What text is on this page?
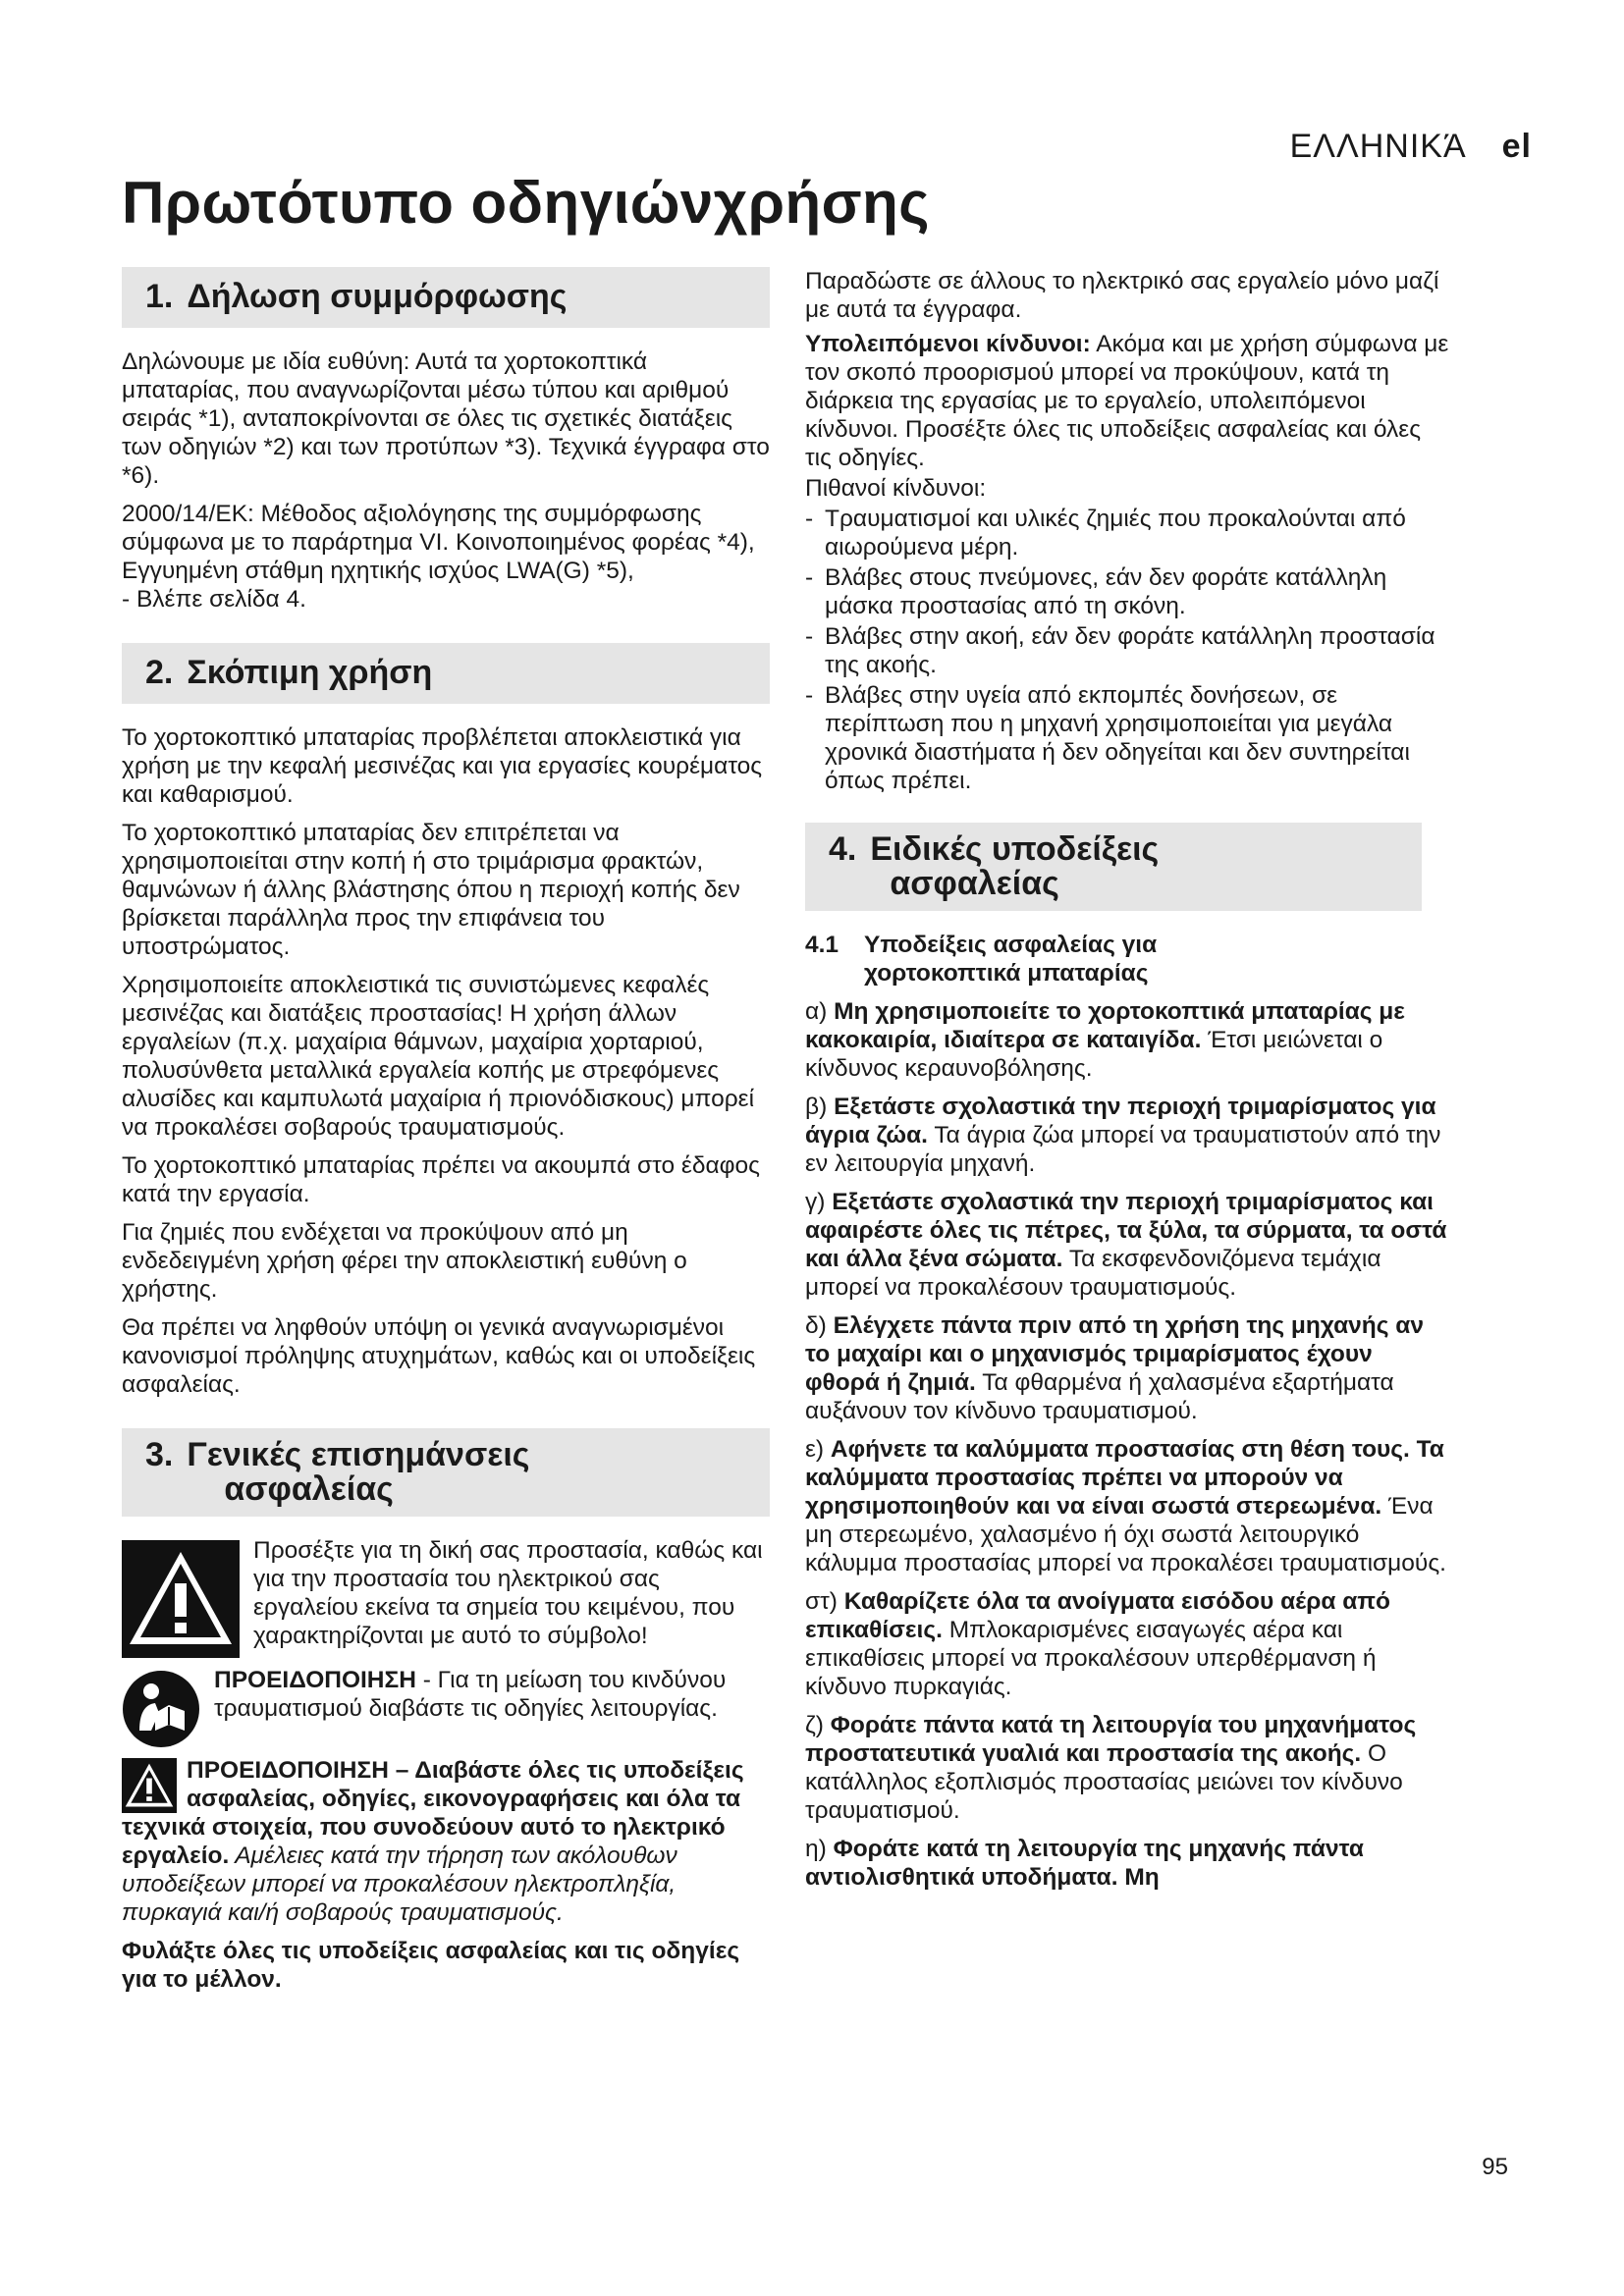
ΕΛΛΗΝΙΚΆ el
Πρωτότυπο οδηγιώνχρήσης
1. Δήλωση συμμόρφωσης

Δηλώνουμε με ιδία ευθύνη: Αυτά τα χορτοκοπτικά μπαταρίας, που αναγνωρίζονται μέσω τύπου και αριθμού σειράς *1), ανταποκρίνονται σε όλες τις σχετικές διατάξεις των οδηγιών *2) και των προτύπων *3). Τεχνικά έγγραφα στο *6).

2000/14/ΕΚ: Μέθοδος αξιολόγησης της συμμόρφωσης σύμφωνα με το παράρτημα VI. Κοινοποιημένος φορέας *4), Εγγυημένη στάθμη ηχητικής ισχύος LWA(G) *5),

- Βλέπε σελίδα 4.

2. Σκόπιμη χρήση

Το χορτοκοπτικό μπαταρίας προβλέπεται αποκλειστικά για χρήση με την κεφαλή μεσινέζας και για εργασίες κουρέματος και καθαρισμού.

Το χορτοκοπτικό μπαταρίας δεν επιτρέπεται να χρησιμοποιείται στην κοπή ή στο τριμάρισμα φρακτών, θαμνώνων ή άλλης βλάστησης όπου η περιοχή κοπής δεν βρίσκεται παράλληλα προς την επιφάνεια του υποστρώματος.

Χρησιμοποιείτε αποκλειστικά τις συνιστώμενες κεφαλές μεσινέζας και διατάξεις προστασίας! Η χρήση άλλων εργαλείων (π.χ. μαχαίρια θάμνων, μαχαίρια χορταριού, πολυσύνθετα μεταλλικά εργαλεία κοπής με στρεφόμενες αλυσίδες και καμπυλωτά μαχαίρια ή πριονόδισκους) μπορεί να προκαλέσει σοβαρούς τραυματισμούς.

Το χορτοκοπτικό μπαταρίας πρέπει να ακουμπά στο έδαφος κατά την εργασία.

Για ζημιές που ενδέχεται να προκύψουν από μη ενδεδειγμένη χρήση φέρει την αποκλειστική ευθύνη ο χρήστης.

Θα πρέπει να ληφθούν υπόψη οι γενικά αναγνωρισμένοι κανονισμοί πρόληψης ατυχημάτων, καθώς και οι υποδείξεις ασφαλείας.

3. Γενικές επισημάνσεις
ασφαλείας

Προσέξτε για τη δική σας προστασία, καθώς και για την προστασία του ηλεκτρικού σας εργαλείου εκείνα τα σημεία του κειμένου, που χαρακτηρίζονται με αυτό το σύμβολο!

ΠΡΟΕΙΔΟΠΟΙΗΣΗ - Για τη μείωση του κινδύνου τραυματισμού διαβάστε τις οδηγίες λειτουργίας.

ΠΡΟΕΙΔΟΠΟΙΗΣΗ – Διαβάστε όλες τις υποδείξεις ασφαλείας, οδηγίες, εικονογραφήσεις και όλα τα τεχνικά στοιχεία, που συνοδεύουν αυτό το ηλεκτρικό εργαλείο. Αμέλειες κατά την τήρηση των ακόλουθων υποδείξεων μπορεί να προκαλέσουν ηλεκτροπληξία, πυρκαγιά και/ή σοβαρούς τραυματισμούς.

Φυλάξτε όλες τις υποδείξεις ασφαλείας και τις οδηγίες για το μέλλον.

Παραδώστε σε άλλους το ηλεκτρικό σας εργαλείο μόνο μαζί με αυτά τα έγγραφα.

Υπολειπόμενοι κίνδυνοι: Ακόμα και με χρήση σύμφωνα με τον σκοπό προορισμού μπορεί να προκύψουν, κατά τη διάρκεια της εργασίας με το εργαλείο, υπολειπόμενοι κίνδυνοι. Προσέξτε όλες τις υποδείξεις ασφαλείας και όλες τις οδηγίες.

Πιθανοί κίνδυνοι:

- Τραυματισμοί και υλικές ζημιές που προκαλούνται από αιωρούμενα μέρη.
- Βλάβες στους πνεύμονες, εάν δεν φοράτε κατάλληλη μάσκα προστασίας από τη σκόνη.
- Βλάβες στην ακοή, εάν δεν φοράτε κατάλληλη προστασία της ακοής.
- Βλάβες στην υγεία από εκπομπές δονήσεων, σε περίπτωση που η μηχανή χρησιμοποιείται για μεγάλα χρονικά διαστήματα ή δεν οδηγείται και δεν συντηρείται όπως πρέπει.
4. Ειδικές υποδείξεις
ασφαλείας
4.1	Υποδείξεις ασφαλείας για
χορτοκοπτικά μπαταρίας

α) Μη χρησιμοποιείτε το χορτοκοπτικά μπαταρίας με κακοκαιρία, ιδιαίτερα σε καταιγίδα. Έτσι μειώνεται ο κίνδυνος κεραυνοβόλησης.

β) Εξετάστε σχολαστικά την περιοχή τριμαρίσματος για άγρια ζώα. Τα άγρια ζώα μπορεί να τραυματιστούν από την εν λειτουργία μηχανή.

γ) Εξετάστε σχολαστικά την περιοχή τριμαρίσματος και αφαιρέστε όλες τις πέτρες, τα ξύλα, τα σύρματα, τα οστά και άλλα ξένα σώματα. Τα εκσφενδονιζόμενα τεμάχια μπορεί να προκαλέσουν τραυματισμούς.

δ) Ελέγχετε πάντα πριν από τη χρήση της μηχανής αν το μαχαίρι και ο μηχανισμός τριμαρίσματος έχουν φθορά ή ζημιά. Τα φθαρμένα ή χαλασμένα εξαρτήματα αυξάνουν τον κίνδυνο τραυματισμού.

ε) Αφήνετε τα καλύμματα προστασίας στη θέση τους. Τα καλύμματα προστασίας πρέπει να μπορούν να χρησιμοποιηθούν και να είναι σωστά στερεωμένα. Ένα μη στερεωμένο, χαλασμένο ή όχι σωστά λειτουργικό κάλυμμα προστασίας μπορεί να προκαλέσει τραυματισμούς.

στ) Καθαρίζετε όλα τα ανοίγματα εισόδου αέρα από επικαθίσεις. Μπλοκαρισμένες εισαγωγές αέρα και επικαθίσεις μπορεί να προκαλέσουν υπερθέρμανση ή κίνδυνο πυρκαγιάς.

ζ) Φοράτε πάντα κατά τη λειτουργία του μηχανήματος προστατευτικά γυαλιά και προστασία της ακοής. Ο κατάλληλος εξοπλισμός προστασίας μειώνει τον κίνδυνο τραυματισμού.

η) Φοράτε κατά τη λειτουργία της μηχανής πάντα αντιολισθητικά υποδήματα. Μη

95
